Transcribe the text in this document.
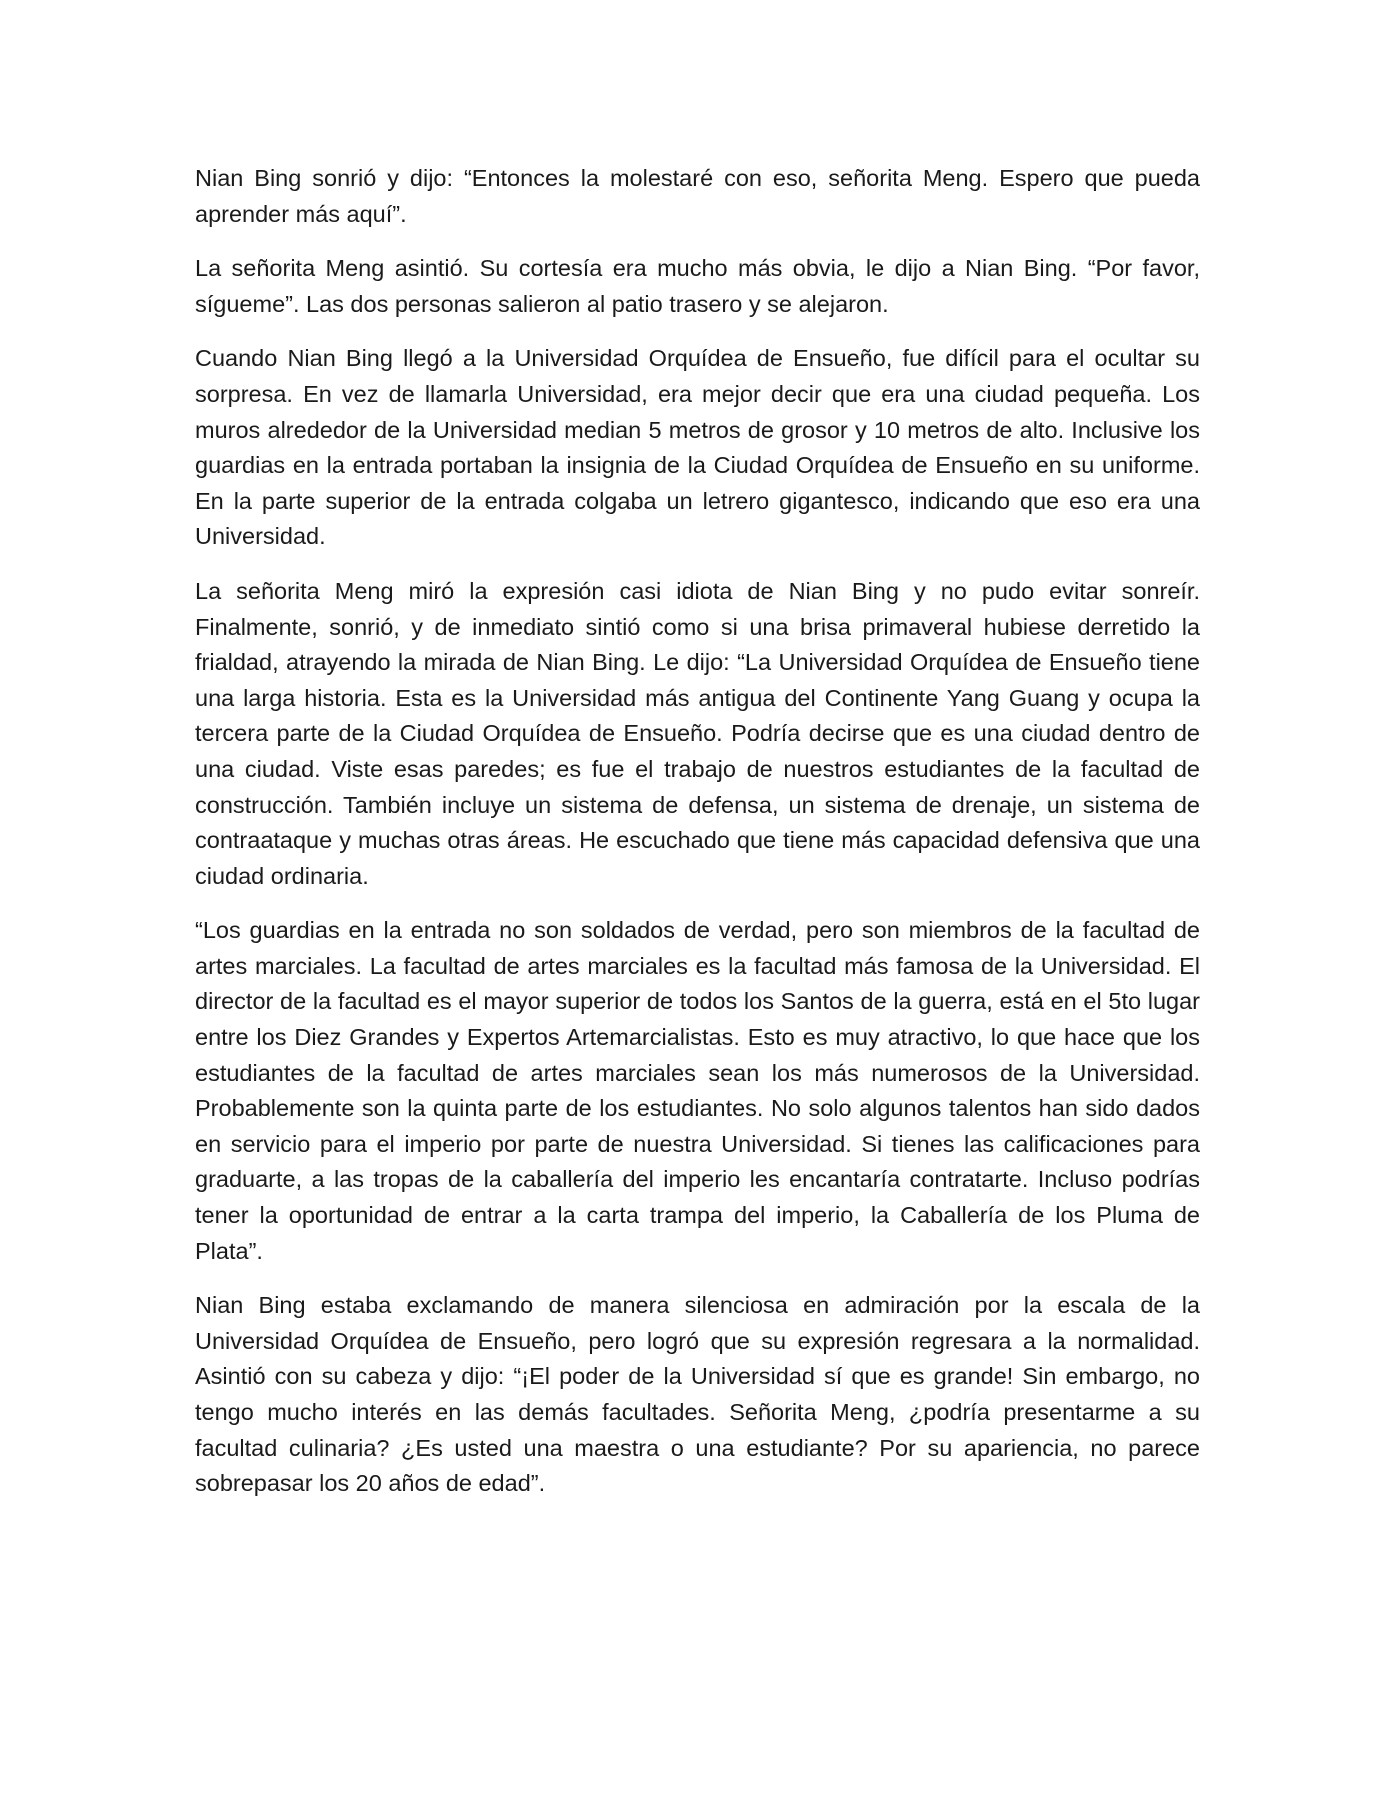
Nian Bing sonrió y dijo: “Entonces la molestaré con eso, señorita Meng. Espero que pueda aprender más aquí”.

La señorita Meng asintió. Su cortesía era mucho más obvia, le dijo a Nian Bing. “Por favor, sígueme”. Las dos personas salieron al patio trasero y se alejaron.

Cuando Nian Bing llegó a la Universidad Orquídea de Ensueño, fue difícil para el ocultar su sorpresa. En vez de llamarla Universidad, era mejor decir que era una ciudad pequeña. Los muros alrededor de la Universidad median 5 metros de grosor y 10 metros de alto. Inclusive los guardias en la entrada portaban la insignia de la Ciudad Orquídea de Ensueño en su uniforme. En la parte superior de la entrada colgaba un letrero gigantesco, indicando que eso era una Universidad.

La señorita Meng miró la expresión casi idiota de Nian Bing y no pudo evitar sonreír. Finalmente, sonrió, y de inmediato sintió como si una brisa primaveral hubiese derretido la frialdad, atrayendo la mirada de Nian Bing. Le dijo: “La Universidad Orquídea de Ensueño tiene una larga historia. Esta es la Universidad más antigua del Continente Yang Guang y ocupa la tercera parte de la Ciudad Orquídea de Ensueño. Podría decirse que es una ciudad dentro de una ciudad. Viste esas paredes; es fue el trabajo de nuestros estudiantes de la facultad de construcción. También incluye un sistema de defensa, un sistema de drenaje, un sistema de contraataque y muchas otras áreas. He escuchado que tiene más capacidad defensiva que una ciudad ordinaria.

“Los guardias en la entrada no son soldados de verdad, pero son miembros de la facultad de artes marciales. La facultad de artes marciales es la facultad más famosa de la Universidad. El director de la facultad es el mayor superior de todos los Santos de la guerra, está en el 5to lugar entre los Diez Grandes y Expertos Artemarcialistas. Esto es muy atractivo, lo que hace que los estudiantes de la facultad de artes marciales sean los más numerosos de la Universidad. Probablemente son la quinta parte de los estudiantes. No solo algunos talentos han sido dados en servicio para el imperio por parte de nuestra Universidad. Si tienes las calificaciones para graduarte, a las tropas de la caballería del imperio les encantaría contratarte. Incluso podrías tener la oportunidad de entrar a la carta trampa del imperio, la Caballería de los Pluma de Plata”.

Nian Bing estaba exclamando de manera silenciosa en admiración por la escala de la Universidad Orquídea de Ensueño, pero logró que su expresión regresara a la normalidad. Asintió con su cabeza y dijo: “¡El poder de la Universidad sí que es grande! Sin embargo, no tengo mucho interés en las demás facultades. Señorita Meng, ¿podría presentarme a su facultad culinaria? ¿Es usted una maestra o una estudiante? Por su apariencia, no parece sobrepasar los 20 años de edad”.
